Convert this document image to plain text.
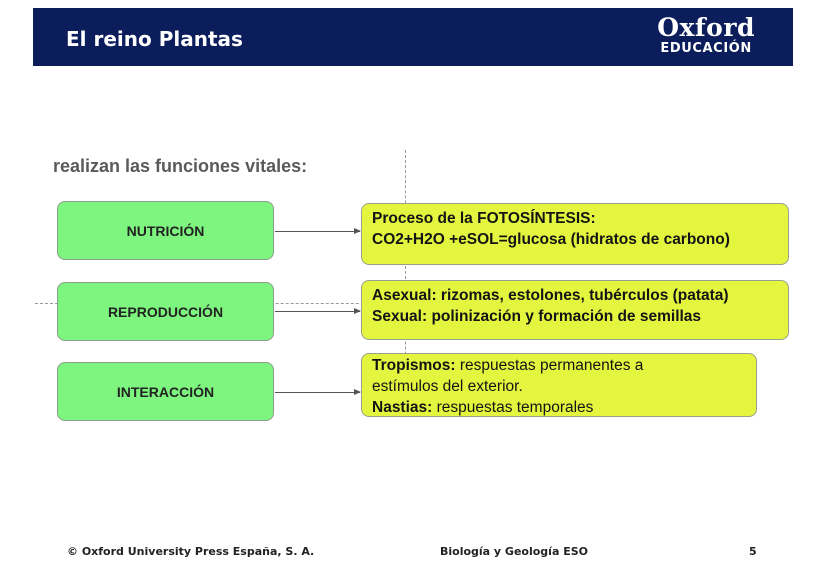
El reino Plantas	Oxford
EDUCACIÓN
realizan las funciones vitales:
NUTRICIÓN
Proceso de la FOTOSÍNTESIS:
CO2+H2O +eSOL=glucosa (hidratos de carbono)
REPRODUCCIÓN
Asexual: rizomas, estolones, tubérculos (patata)
Sexual: polinización y formación de semillas
INTERACCIÓN
Tropismos: respuestas permanentes a
estímulos del exterior.
Nastias: respuestas temporales
© Oxford University Press España, S. A.	Biología y Geología ESO	5
